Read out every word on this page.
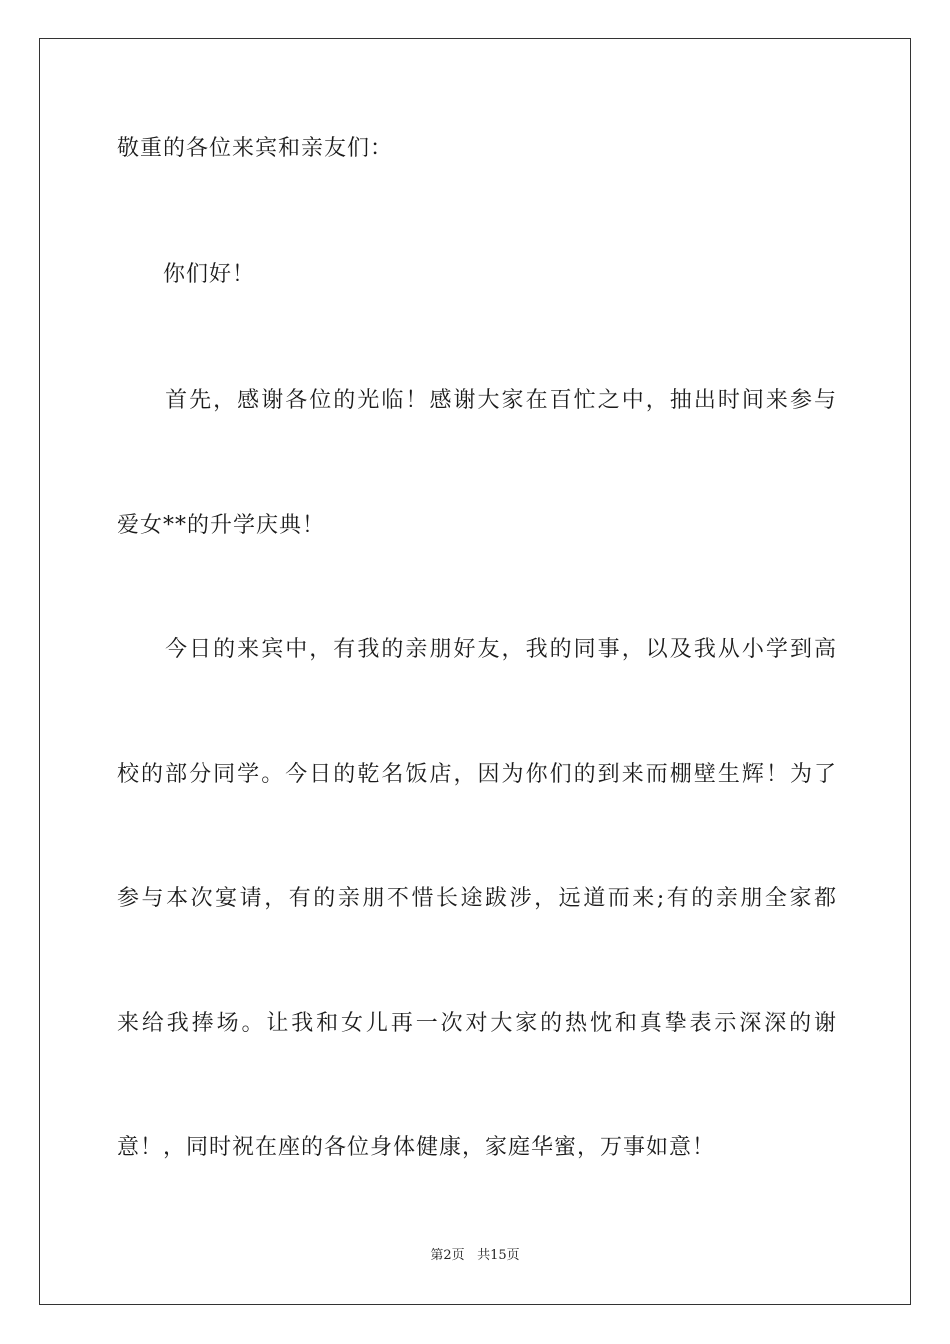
敬重的各位来宾和亲友们：
　　你们好！
　　首先，感谢各位的光临！感谢大家在百忙之中，抽出时间来参与
爱女**的升学庆典！
　　今日的来宾中，有我的亲朋好友，我的同事，以及我从小学到高
校的部分同学。今日的乾名饭店，因为你们的到来而棚壁生辉！为了
参与本次宴请，有的亲朋不惜长途跋涉，远道而来;有的亲朋全家都
来给我捧场。让我和女儿再一次对大家的热忱和真挚表示深深的谢
意！，同时祝在座的各位身体健康，家庭华蜜，万事如意！
第2页 共15页
